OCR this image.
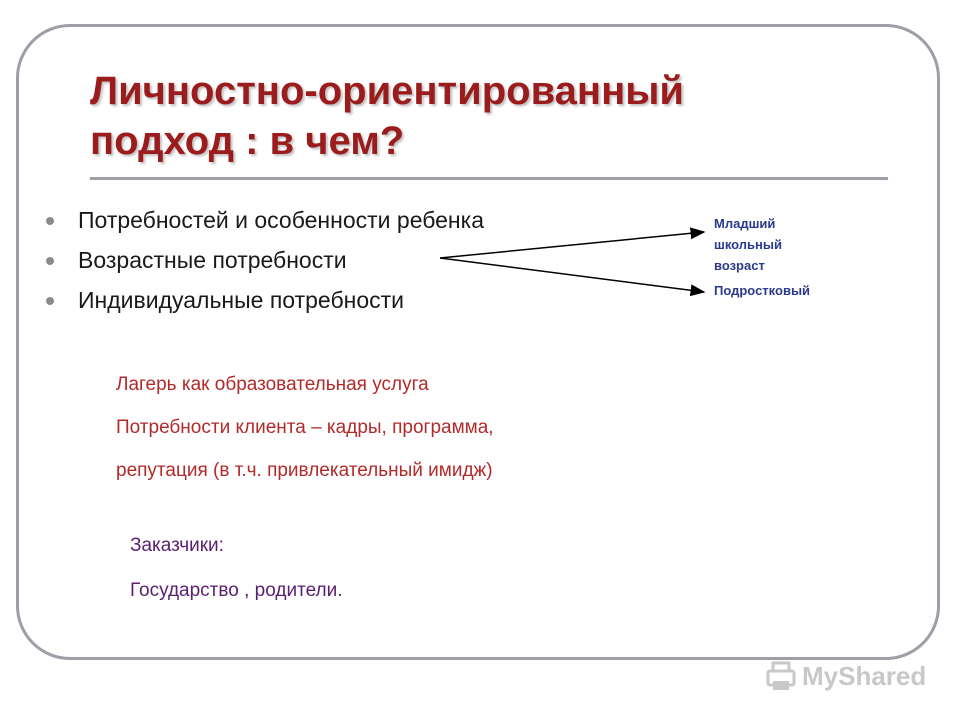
Личностно-ориентированный
подход : в чем?
Потребностей и особенности ребенка
Возрастные потребности
Индивидуальные потребности
Младший
школьный
возраст
Подростковый
Лагерь как образовательная услуга
Потребности клиента – кадры, программа,
репутация (в т.ч. привлекательный имидж)
Заказчики:
Государство , родители.
MyShared
